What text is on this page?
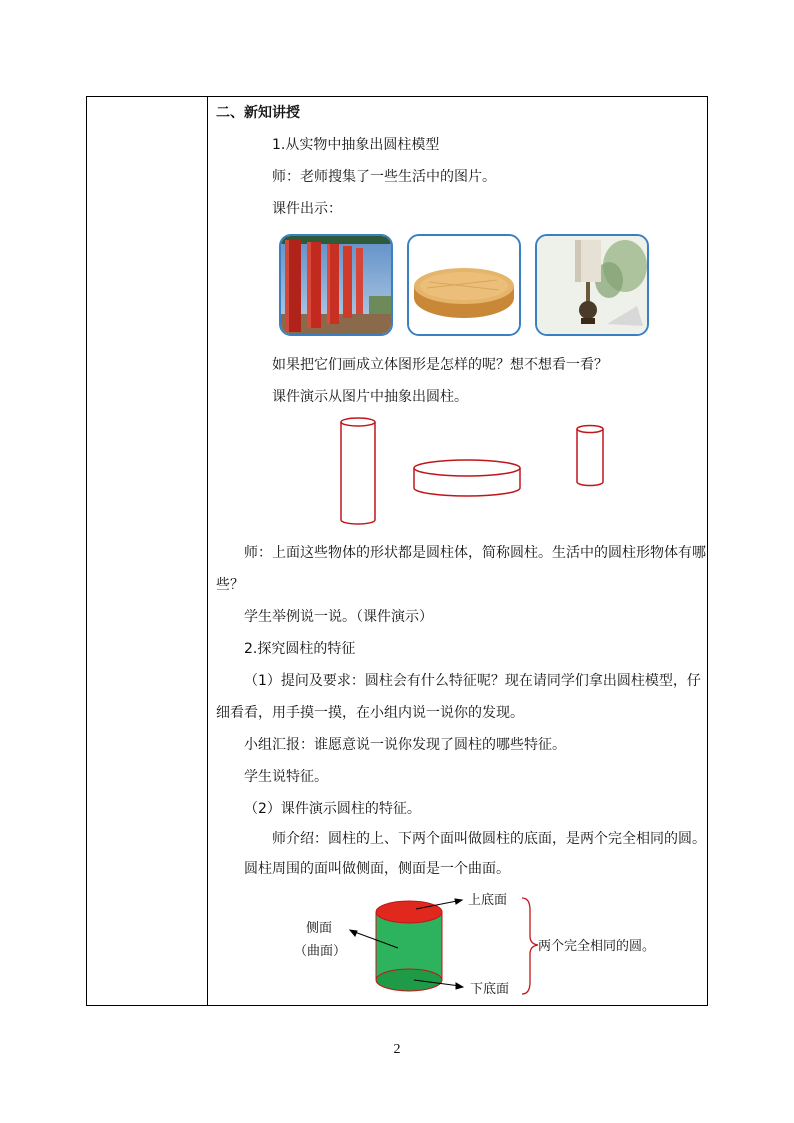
二、新知讲授
1.从实物中抽象出圆柱模型
师：老师搜集了一些生活中的图片。
课件出示：
如果把它们画成立体图形是怎样的呢？想不想看一看？
课件演示从图片中抽象出圆柱。
师：上面这些物体的形状都是圆柱体，简称圆柱。生活中的圆柱形物体有哪
些？
学生举例说一说。（课件演示）
2.探究圆柱的特征
（1）提问及要求：圆柱会有什么特征呢？现在请同学们拿出圆柱模型，仔
细看看，用手摸一摸，在小组内说一说你的发现。
小组汇报：谁愿意说一说你发现了圆柱的哪些特征。
学生说特征。
（2）课件演示圆柱的特征。
师介绍：圆柱的上、下两个面叫做圆柱的底面，是两个完全相同的圆。
圆柱周围的面叫做侧面，侧面是一个曲面。
上底面
下底面
侧面
（曲面）	两个完全相同的圆。
2
